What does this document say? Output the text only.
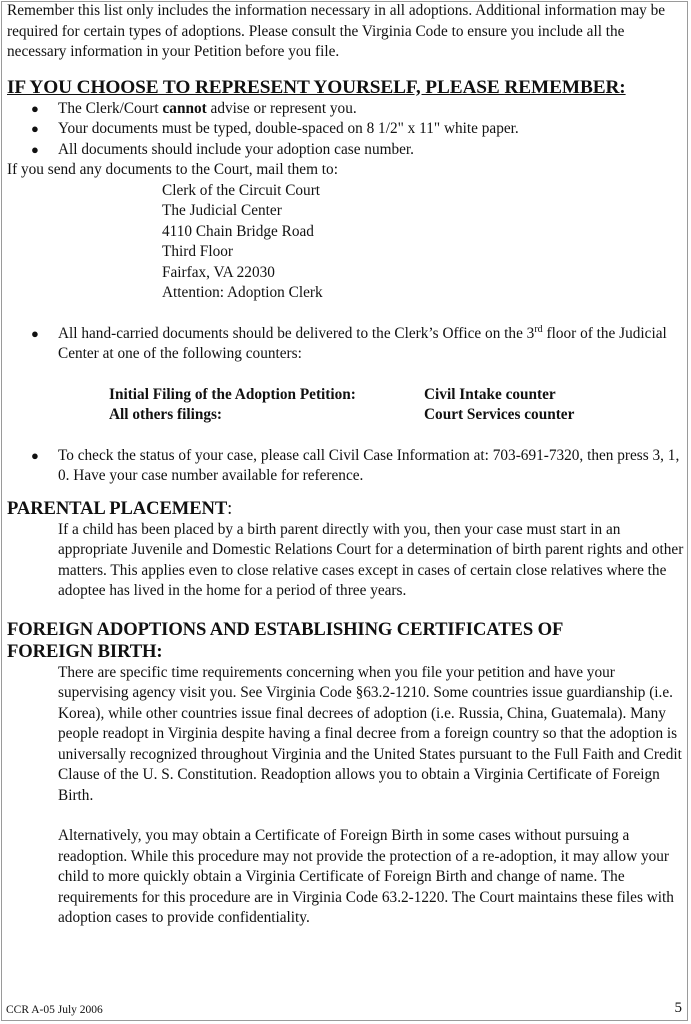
Remember this list only includes the information necessary in all adoptions. Additional information may be required for certain types of adoptions. Please consult the Virginia Code to ensure you include all the necessary information in your Petition before you file.

IF YOU CHOOSE TO REPRESENT YOURSELF, PLEASE REMEMBER:
● The Clerk/Court cannot advise or represent you.
● Your documents must be typed, double-spaced on 8 1/2" x 11" white paper.
● All documents should include your adoption case number.

If you send any documents to the Court, mail them to:

Clerk of the Circuit Court
The Judicial Center
4110 Chain Bridge Road
Third Floor
Fairfax, VA 22030
Attention: Adoption Clerk
● All hand-carried documents should be delivered to the Clerk’s Office on the 3rd floor of the Judicial Center at one of the following counters:
Initial Filing of the Adoption Petition:	Civil Intake counter
All others filings:	Court Services counter
● To check the status of your case, please call Civil Case Information at: 703-691-7320, then press 3, 1, 0. Have your case number available for reference.
PARENTAL PLACEMENT:

If a child has been placed by a birth parent directly with you, then your case must start in an appropriate Juvenile and Domestic Relations Court for a determination of birth parent rights and other matters. This applies even to close relative cases except in cases of certain close relatives where the adoptee has lived in the home for a period of three years.

FOREIGN ADOPTIONS AND ESTABLISHING CERTIFICATES OF
FOREIGN BIRTH:

There are specific time requirements concerning when you file your petition and have your supervising agency visit you. See Virginia Code §63.2-1210. Some countries issue guardianship (i.e. Korea), while other countries issue final decrees of adoption (i.e. Russia, China, Guatemala). Many people readopt in Virginia despite having a final decree from a foreign country so that the adoption is universally recognized throughout Virginia and the United States pursuant to the Full Faith and Credit Clause of the U. S. Constitution. Readoption allows you to obtain a Virginia Certificate of Foreign Birth.

Alternatively, you may obtain a Certificate of Foreign Birth in some cases without pursuing a readoption. While this procedure may not provide the protection of a re-adoption, it may allow your child to more quickly obtain a Virginia Certificate of Foreign Birth and change of name. The requirements for this procedure are in Virginia Code 63.2-1220. The Court maintains these files with adoption cases to provide confidentiality.

CCR A-05 July 2006	5
